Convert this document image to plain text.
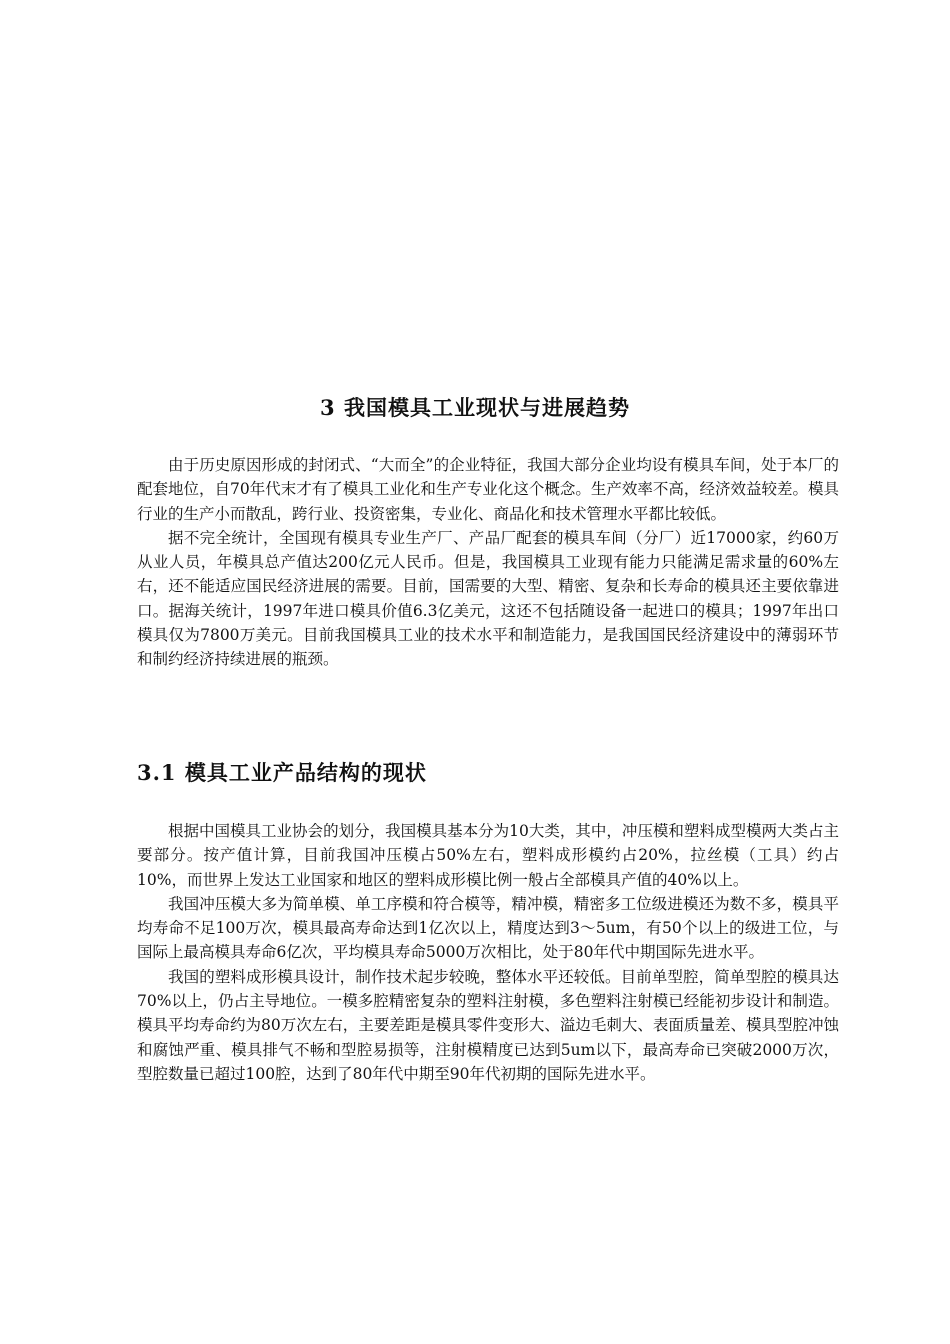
3 我国模具工业现状与进展趋势

由于历史原因形成的封闭式、“大而全”的企业特征，我国大部分企业均设有模具车间，处于本厂的配套地位，自70年代末才有了模具工业化和生产专业化这个概念。生产效率不高，经济效益较差。模具行业的生产小而散乱，跨行业、投资密集，专业化、商品化和技术管理水平都比较低。

据不完全统计，全国现有模具专业生产厂、产品厂配套的模具车间（分厂）近17000家，约60万从业人员，年模具总产值达200亿元人民币。但是，我国模具工业现有能力只能满足需求量的60%左右，还不能适应国民经济进展的需要。目前，国需要的大型、精密、复杂和长寿命的模具还主要依靠进口。据海关统计，1997年进口模具价值6.3亿美元，这还不包括随设备一起进口的模具；1997年出口模具仅为7800万美元。目前我国模具工业的技术水平和制造能力，是我国国民经济建设中的薄弱环节和制约经济持续进展的瓶颈。

3.1 模具工业产品结构的现状

根据中国模具工业协会的划分，我国模具基本分为10大类，其中，冲压模和塑料成型模两大类占主要部分。按产值计算，目前我国冲压模占50%左右，塑料成形模约占20%，拉丝模（工具）约占10%，而世界上发达工业国家和地区的塑料成形模比例一般占全部模具产值的40%以上。

我国冲压模大多为简单模、单工序模和符合模等，精冲模，精密多工位级进模还为数不多，模具平均寿命不足100万次，模具最高寿命达到1亿次以上，精度达到3～5um，有50个以上的级进工位，与国际上最高模具寿命6亿次，平均模具寿命5000万次相比，处于80年代中期国际先进水平。

我国的塑料成形模具设计，制作技术起步较晚，整体水平还较低。目前单型腔，简单型腔的模具达70%以上，仍占主导地位。一模多腔精密复杂的塑料注射模，多色塑料注射模已经能初步设计和制造。模具平均寿命约为80万次左右，主要差距是模具零件变形大、溢边毛刺大、表面质量差、模具型腔冲蚀和腐蚀严重、模具排气不畅和型腔易损等，注射模精度已达到5um以下，最高寿命已突破2000万次，型腔数量已超过100腔，达到了80年代中期至90年代初期的国际先进水平。
